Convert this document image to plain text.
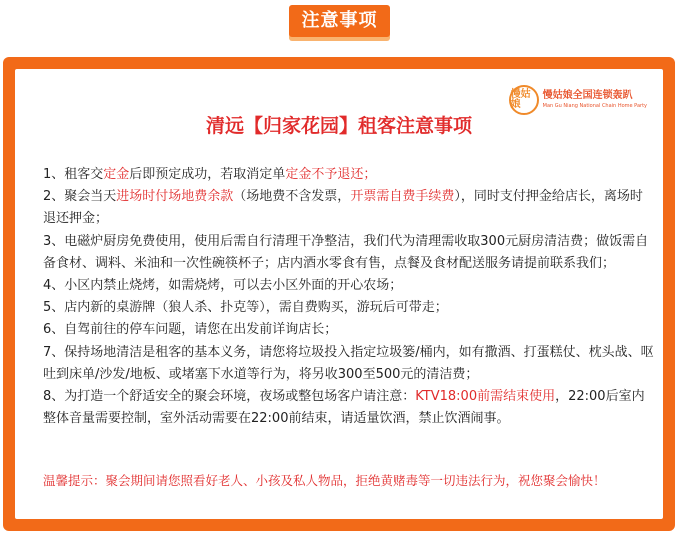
注意事项
慢姑娘
慢姑娘全国连锁轰趴
Man Gu Niang National Chain Home Party
清远【归家花园】租客注意事项

1、租客交定金后即预定成功，若取消定单定金不予退还；

2、聚会当天进场时付场地费余款（场地费不含发票，开票需自费手续费），同时支付押金给店长，离场时退还押金；

3、电磁炉厨房免费使用，使用后需自行清理干净整洁，我们代为清理需收取300元厨房清洁费；做饭需自备食材、调料、米油和一次性碗筷杯子；店内酒水零食有售，点餐及食材配送服务请提前联系我们；

4、小区内禁止烧烤，如需烧烤，可以去小区外面的开心农场；

5、店内新的桌游牌（狼人杀、扑克等），需自费购买，游玩后可带走；

6、自驾前往的停车问题，请您在出发前详询店长；

7、保持场地清洁是租客的基本义务，请您将垃圾投入指定垃圾篓/桶内，如有撒酒、打蛋糕仗、枕头战、呕吐到床单/沙发/地板、或堵塞下水道等行为，将另收300至500元的清洁费；

8、为打造一个舒适安全的聚会环境，夜场或整包场客户请注意：KTV18:00前需结束使用，22:00后室内整体音量需要控制，室外活动需要在22:00前结束，请适量饮酒，禁止饮酒闹事。

温馨提示：聚会期间请您照看好老人、小孩及私人物品，拒绝黄赌毒等一切违法行为，祝您聚会愉快！
